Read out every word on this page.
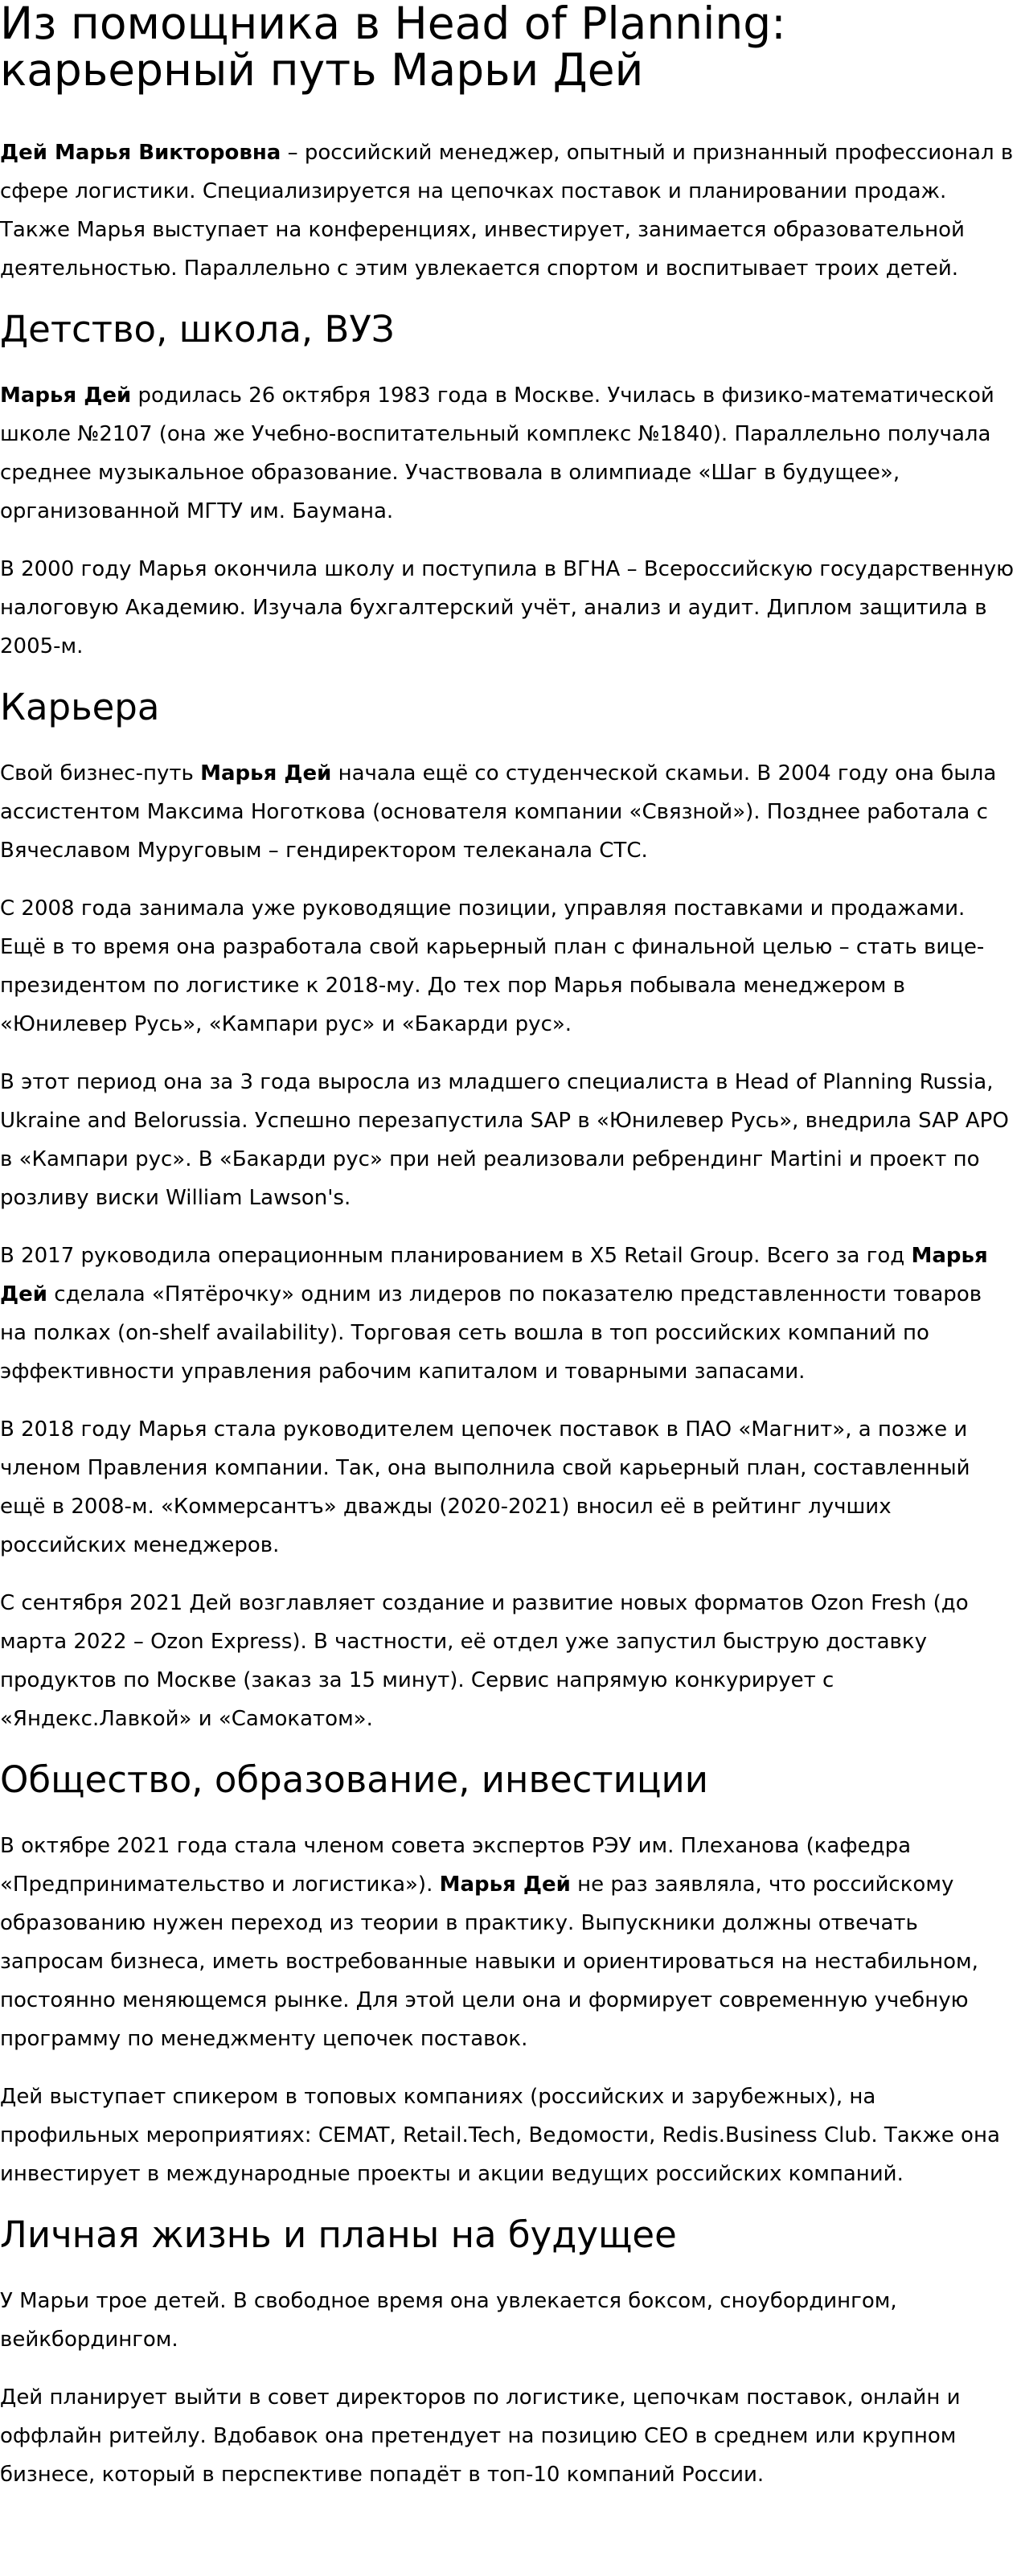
Из помощника в Head of Planning: карьерный путь Марьи Дей

Дей Марья Викторовна – российский менеджер, опытный и признанный профессионал в сфере логистики. Специализируется на цепочках поставок и планировании продаж. Также Марья выступает на конференциях, инвестирует, занимается образовательной деятельностью. Параллельно с этим увлекается спортом и воспитывает троих детей.

Детство, школа, ВУЗ

Марья Дей родилась 26 октября 1983 года в Москве. Училась в физико-математической школе №2107 (она же Учебно-воспитательный комплекс №1840). Параллельно получала среднее музыкальное образование. Участвовала в олимпиаде «Шаг в будущее», организованной МГТУ им. Баумана.

В 2000 году Марья окончила школу и поступила в ВГНА – Всероссийскую государственную налоговую Академию. Изучала бухгалтерский учёт, анализ и аудит. Диплом защитила в 2005-м.

Карьера

Свой бизнес-путь Марья Дей начала ещё со студенческой скамьи. В 2004 году она была ассистентом Максима Ноготкова (основателя компании «Связной»). Позднее работала с Вячеславом Муруговым – гендиректором телеканала СТС.

С 2008 года занимала уже руководящие позиции, управляя поставками и продажами. Ещё в то время она разработала свой карьерный план с финальной целью – стать вице-президентом по логистике к 2018-му. До тех пор Марья побывала менеджером в «Юнилевер Русь», «Кампари рус» и «Бакарди рус».

В этот период она за 3 года выросла из младшего специалиста в Head of Planning Russia, Ukraine and Belorussia. Успешно перезапустила SAP в «Юнилевер Русь», внедрила SAP APO в «Кампари рус». В «Бакарди рус» при ней реализовали ребрендинг Martini и проект по розливу виски William Lawson's.

В 2017 руководила операционным планированием в X5 Retail Group. Всего за год Марья Дей сделала «Пятёрочку» одним из лидеров по показателю представленности товаров на полках (on-shelf availability). Торговая сеть вошла в топ российских компаний по эффективности управления рабочим капиталом и товарными запасами.

В 2018 году Марья стала руководителем цепочек поставок в ПАО «Магнит», а позже и членом Правления компании. Так, она выполнила свой карьерный план, составленный ещё в 2008-м. «Коммерсантъ» дважды (2020-2021) вносил её в рейтинг лучших российских менеджеров.

С сентября 2021 Дей возглавляет создание и развитие новых форматов Ozon Fresh (до марта 2022 – Ozon Express). В частности, её отдел уже запустил быструю доставку продуктов по Москве (заказ за 15 минут). Сервис напрямую конкурирует с «Яндекс.Лавкой» и «Самокатом».

Общество, образование, инвестиции

В октябре 2021 года стала членом совета экспертов РЭУ им. Плеханова (кафедра «Предпринимательство и логистика»). Марья Дей не раз заявляла, что российскому образованию нужен переход из теории в практику. Выпускники должны отвечать запросам бизнеса, иметь востребованные навыки и ориентироваться на нестабильном, постоянно меняющемся рынке. Для этой цели она и формирует современную учебную программу по менеджменту цепочек поставок.

Дей выступает спикером в топовых компаниях (российских и зарубежных), на профильных мероприятиях: CEMAT, Retail.Tech, Ведомости, Redis.Business Club. Также она инвестирует в международные проекты и акции ведущих российских компаний.

Личная жизнь и планы на будущее

У Марьи трое детей. В свободное время она увлекается боксом, сноубордингом, вейкбордингом.

Дей планирует выйти в совет директоров по логистике, цепочкам поставок, онлайн и оффлайн ритейлу. Вдобавок она претендует на позицию CEO в среднем или крупном бизнесе, который в перспективе попадёт в топ-10 компаний России.
